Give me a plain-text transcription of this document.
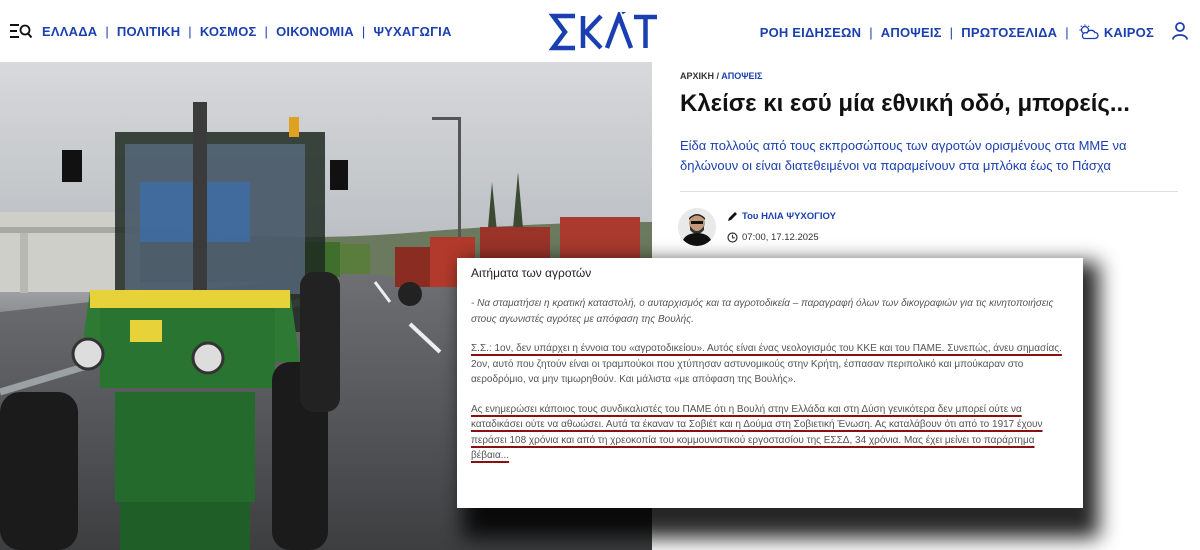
ΕΛΛΑΔΑ | ΠΟΛΙΤΙΚΗ | ΚΟΣΜΟΣ | ΟΙΚΟΝΟΜΙΑ | ΨΥΧΑΓΩΓΙΑ	ΡΟΗ ΕΙΔΗΣΕΩΝ | ΑΠΟΨΕΙΣ | ΠΡΩΤΟΣΕΛΙΔΑ |	ΚΑΙΡΟΣ
ΑΡΧΙΚΗ / ΑΠΟΨΕΙΣ
Κλείσε κι εσύ μία εθνική οδό, μπορείς...

Είδα πολλούς από τους εκπροσώπους των αγροτών ορισμένους στα ΜΜΕ να δηλώνουν οι είναι διατεθειμένοι να παραμείνουν στα μπλόκα έως το Πάσχα

Του ΗΛΙΑ ΨΥΧΟΓΙΟΥ
07:00, 17.12.2025
Αιτήματα των αγροτών

- Να σταματήσει η κρατική καταστολή, ο αυταρχισμός και τα αγροτοδικεία – παραγραφή όλων των δικογραφιών για τις κινητοποιήσεις στους αγωνιστές αγρότες με απόφαση της Βουλής.

Σ.Σ.: 1ον, δεν υπάρχει η έννοια του «αγροτοδικείου». Αυτός είναι ένας νεολογισμός του ΚΚΕ και του ΠΑΜΕ. Συνεπώς, άνευ σημασίας. 2ον, αυτό που ζητούν είναι οι τραμπούκοι που χτύπησαν αστυνομικούς στην Κρήτη, έσπασαν περιπολικό και μπούκαραν στο αεροδρόμιο, να μην τιμωρηθούν. Και μάλιστα «με απόφαση της Βουλής».

Ας ενημερώσει κάποιος τους συνδικαλιστές του ΠΑΜΕ ότι η Βουλή στην Ελλάδα και στη Δύση γενικότερα δεν μπορεί ούτε να καταδικάσει ούτε να αθωώσει. Αυτά τα έκαναν τα Σοβιέτ και η Δούμα στη Σοβιετική Ένωση. Ας καταλάβουν ότι από το 1917 έχουν περάσει 108 χρόνια και από τη χρεοκοπία του κομμουνιστικού εργοστασίου της ΕΣΣΔ, 34 χρόνια. Μας έχει μείνει το παράρτημα βέβαια...
